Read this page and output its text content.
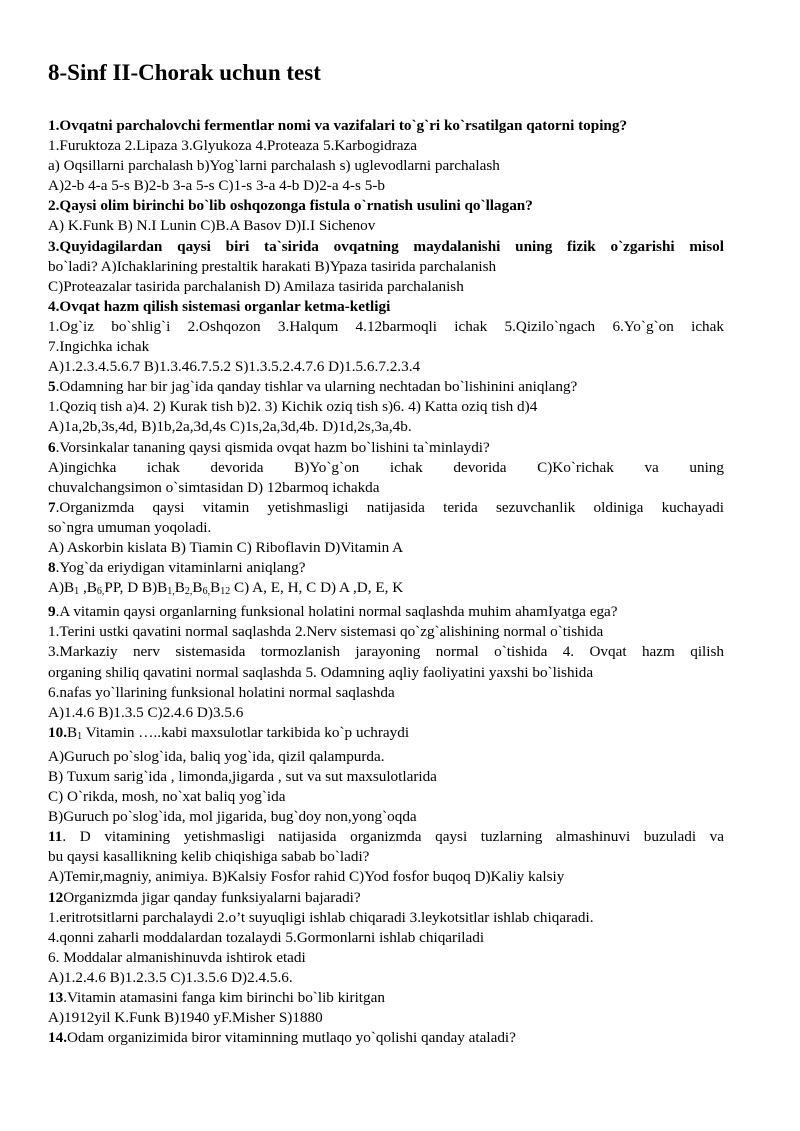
8-Sinf II-Chorak uchun test
1.Ovqatni parchalovchi fermentlar nomi va vazifalari to`g`ri ko`rsatilgan qatorni toping?
1.Furuktoza 2.Lipaza 3.Glyukoza 4.Proteaza 5.Karbogidraza
a) Oqsillarni parchalash b)Yog`larni parchalash s) uglevodlarni parchalash
A)2-b 4-a 5-s B)2-b 3-a 5-s C)1-s 3-a 4-b D)2-a 4-s 5-b
2.Qaysi olim birinchi bo`lib oshqozonga fistula o`rnatish usulini qo`llagan?
A) K.Funk B) N.I Lunin C)B.A Basov D)I.I Sichenov
3.Quyidagilardan qaysi biri ta`sirida ovqatning maydalanishi uning fizik o`zgarishi misol
bo`ladi? A)Ichaklarining prestaltik harakati B)Ypaza tasirida parchalanish
C)Proteazalar tasirida parchalanish D) Amilaza tasirida parchalanish
4.Ovqat hazm qilish sistemasi organlar ketma-ketligi
1.Og`iz bo`shlig`i 2.Oshqozon 3.Halqum 4.12barmoqli ichak 5.Qizilo`ngach 6.Yo`g`on ichak
7.Ingichka ichak
A)1.2.3.4.5.6.7 B)1.3.46.7.5.2 S)1.3.5.2.4.7.6 D)1.5.6.7.2.3.4
5.Odamning har bir jag`ida qanday tishlar va ularning nechtadan bo`lishinini aniqlang?
1.Qoziq tish a)4. 2) Kurak tish b)2. 3) Kichik oziq tish s)6. 4) Katta oziq tish d)4
A)1a,2b,3s,4d, B)1b,2a,3d,4s C)1s,2a,3d,4b. D)1d,2s,3a,4b.
6.Vorsinkalar tananing qaysi qismida ovqat hazm bo`lishini ta`minlaydi?
A)ingichka ichak devorida B)Yo`g`on ichak devorida C)Ko`richak va uning
chuvalchangsimon o`simtasidan D) 12barmoq ichakda
7.Organizmda qaysi vitamin yetishmasligi natijasida terida sezuvchanlik oldiniga kuchayadi
so`ngra umuman yoqoladi.
A) Askorbin kislata B) Tiamin C) Riboflavin D)Vitamin A
8.Yog`da eriydigan vitaminlarni aniqlang?
$A)B_1$ $,B_{6,}PP$, D $B)B_{1,}B_{2,}B_{6,}B_{12}$ C) A, E, H, C D) A ,D, E, K
9.A vitamin qaysi organlarning funksional holatini normal saqlashda muhim ahamIyatga ega?
1.Terini ustki qavatini normal saqlashda 2.Nerv sistemasi qo`zg`alishining normal o`tishida
3.Markaziy nerv sistemasida tormozlanish jarayoning normal o`tishida 4. Ovqat hazm qilish
organing shiliq qavatini normal saqlashda 5. Odamning aqliy faoliyatini yaxshi bo`lishida
6.nafas yo`llarining funksional holatini normal saqlashda
A)1.4.6 B)1.3.5 C)2.4.6 D)3.5.6
$10.B_1$ Vitamin …..kabi maxsulotlar tarkibida ko`p uchraydi
A)Guruch po`slog`ida, baliq yog`ida, qizil qalampurda.
B) Tuxum sarig`ida , limonda,jigarda , sut va sut maxsulotlarida
C) O`rikda, mosh, no`xat baliq yog`ida
B)Guruch po`slog`ida, mol jigarida, bug`doy non,yong`oqda
11. D vitamining yetishmasligi natijasida organizmda qaysi tuzlarning almashinuvi buzuladi va
bu qaysi kasallikning kelib chiqishiga sabab bo`ladi?
A)Temir,magniy, animiya. B)Kalsiy Fosfor rahid C)Yod fosfor buqoq D)Kaliy kalsiy
12Organizmda jigar qanday funksiyalarni bajaradi?
1.eritrotsitlarni parchalaydi 2.o’t suyuqligi ishlab chiqaradi 3.leykotsitlar ishlab chiqaradi.
4.qonni zaharli moddalardan tozalaydi 5.Gormonlarni ishlab chiqariladi
6. Moddalar almanishinuvda ishtirok etadi
A)1.2.4.6 B)1.2.3.5 C)1.3.5.6 D)2.4.5.6.
13.Vitamin atamasini fanga kim birinchi bo`lib kiritgan
A)1912yil K.Funk B)1940 yF.Misher S)1880
14.Odam organizimida biror vitaminning mutlaqo yo`qolishi qanday ataladi?
